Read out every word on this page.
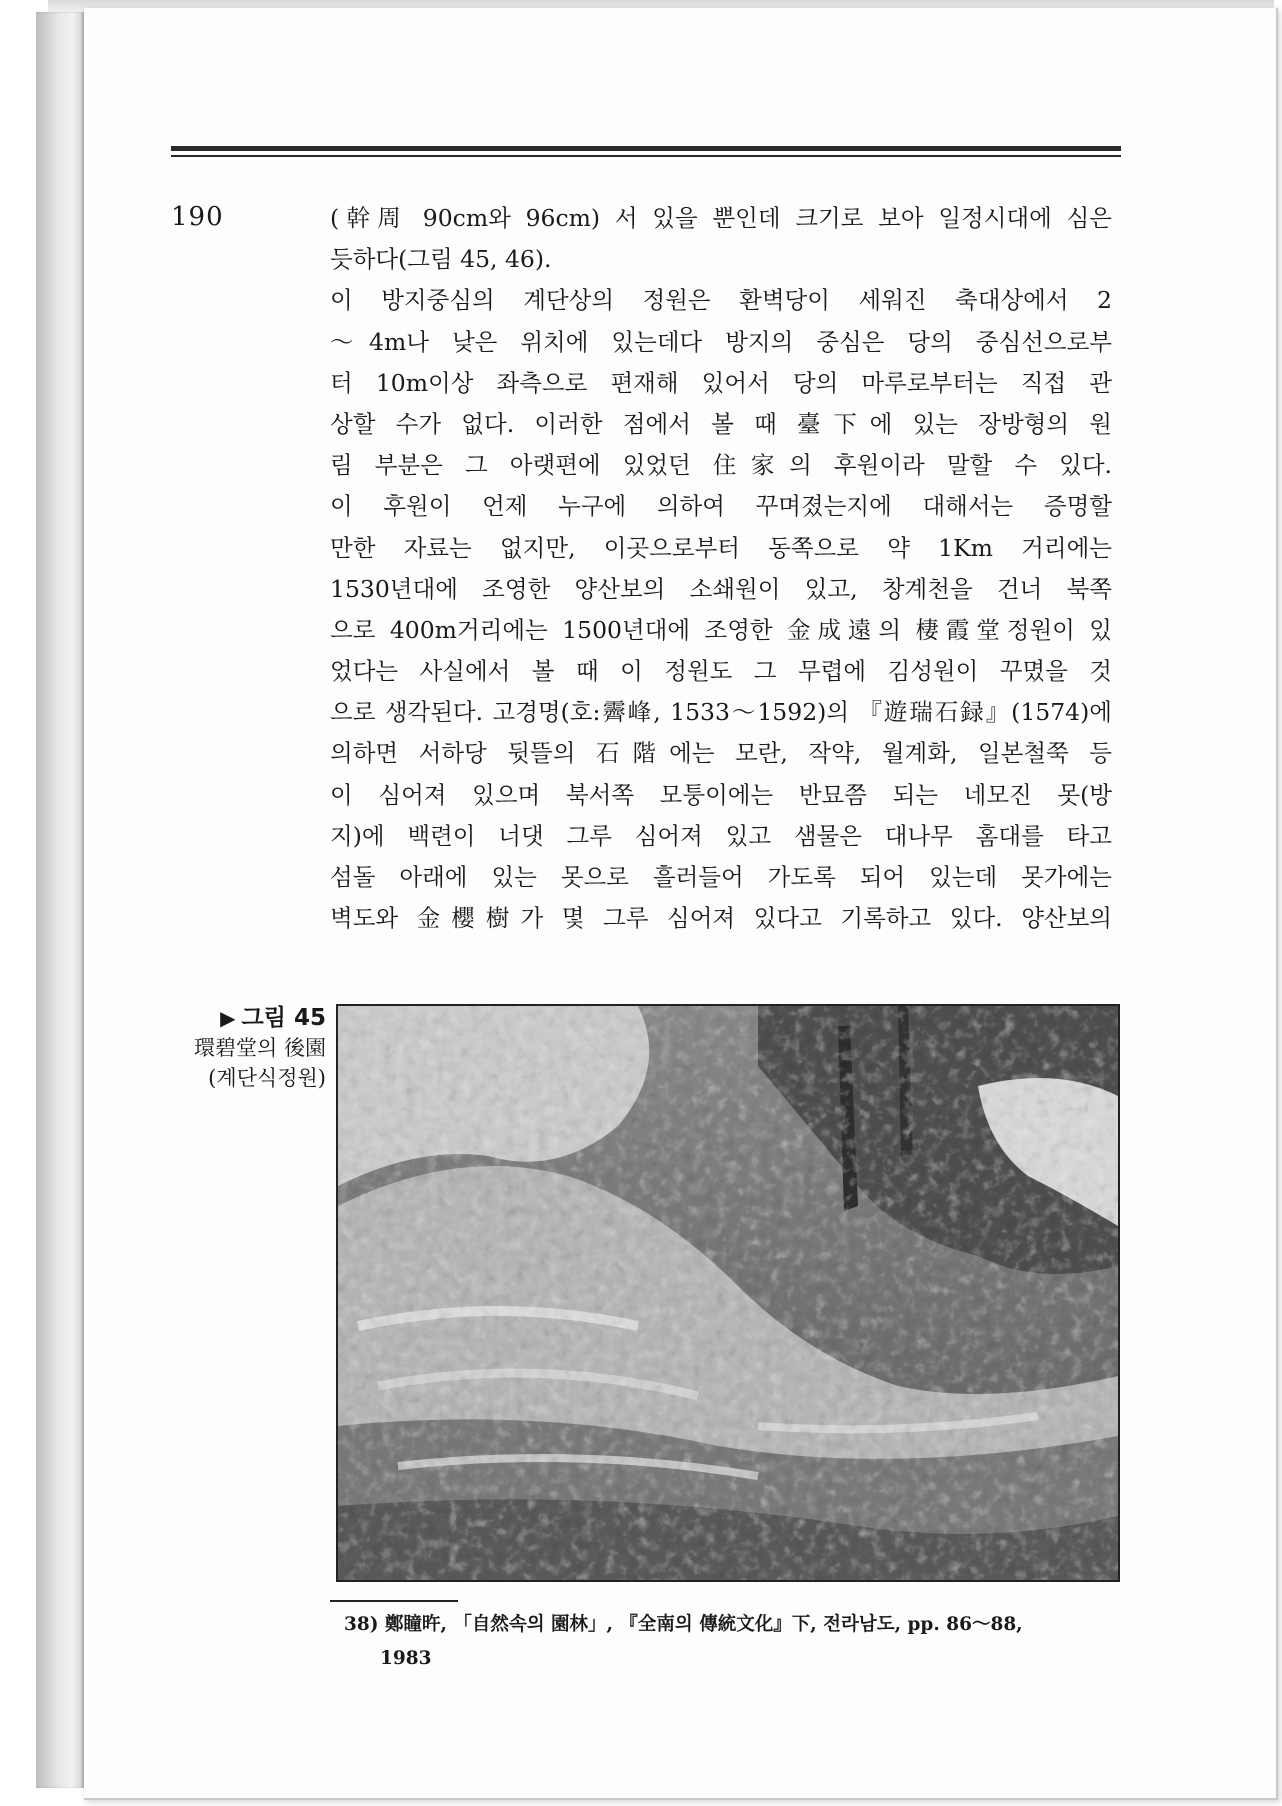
190	(幹周 90cm와 96cm) 서 있을 뿐인데 크기로 보아 일정시대에 심은
듯하다(그림 45, 46).
이 방지중심의 계단상의 정원은 환벽당이 세워진 축대상에서 2
～4m나 낮은 위치에 있는데다 방지의 중심은 당의 중심선으로부
터 10m이상 좌측으로 편재해 있어서 당의 마루로부터는 직접 관
상할 수가 없다. 이러한 점에서 볼 때 臺下에 있는 장방형의 원
림 부분은 그 아랫편에 있었던 住家의 후원이라 말할 수 있다.
이 후원이 언제 누구에 의하여 꾸며졌는지에 대해서는 증명할
만한 자료는 없지만, 이곳으로부터 동쪽으로 약 1Km 거리에는
1530년대에 조영한 양산보의 소쇄원이 있고, 창계천을 건너 북쪽
으로 400m거리에는 1500년대에 조영한 金成遠의 棲霞堂정원이 있
었다는 사실에서 볼 때 이 정원도 그 무렵에 김성원이 꾸몄을 것
으로 생각된다. 고경명(호:霽峰, 1533～1592)의 『遊瑞石録』(1574)에
의하면 서하당 뒷뜰의 石階에는 모란, 작약, 월계화, 일본철쭉 등
이 심어져 있으며 북서쪽 모퉁이에는 반묘쯤 되는 네모진 못(방
지)에 백련이 너댓 그루 심어져 있고 샘물은 대나무 홈대를 타고
섬돌 아래에 있는 못으로 흘러들어 가도록 되어 있는데 못가에는
벽도와 金櫻樹가 몇 그루 심어져 있다고 기록하고 있다. 양산보의
▶ 그림 45
環碧堂의 後園
(계단식정원)
38) 鄭瞳旿, 「自然속의 園林」, 『全南의 傳統文化』下, 전라남도, pp. 86～88,
1983
